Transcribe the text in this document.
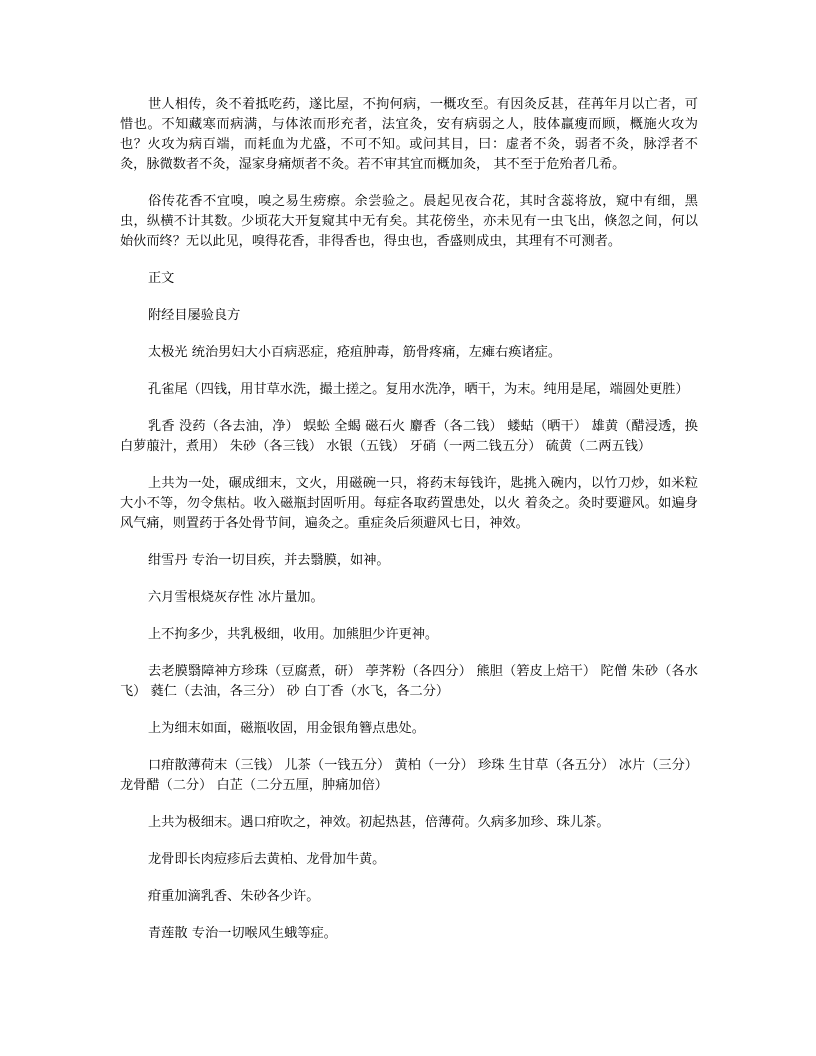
世人相传，灸不着抵吃药，遂比屋，不拘何病，一概攻至。有因灸反甚，荏苒年月以亡者，可惜也。不知藏寒而病满，与体浓而形充者，法宜灸，安有病弱之人，肢体羸瘦而顾，概施火攻为也？火攻为病百端，而耗血为尤盛，不可不知。或问其目，曰：虚者不灸，弱者不灸，脉浮者不灸，脉微数者不灸，湿家身痛烦者不灸。若不审其宜而概加灸， 其不至于危殆者几希。

俗传花香不宜嗅，嗅之易生痨瘵。余尝验之。晨起见夜合花，其时含蕊将放，窥中有细，黑虫，纵横不计其数。少顷花大开复窥其中无有矣。其花傍坐，亦未见有一虫飞出，倏忽之间，何以始伙而终？无以此见，嗅得花香，非得香也，得虫也，香盛则成虫，其理有不可测者。

正文

附经目屡验良方

太极光 统治男妇大小百病恶症，疮疽肿毒，筋骨疼痛，左瘫右痪诸症。

孔雀尾（四钱，用甘草水洗，撮土搓之。复用水洗净，晒干，为末。纯用是尾，端圆处更胜）

乳香 没药（各去油，净） 蜈蚣 全蝎 磁石火 麝香（各二钱） 蝼蛄（晒干） 雄黄（醋浸透，换白萝菔汁，煮用） 朱砂（各三钱） 水银（五钱） 牙硝（一两二钱五分） 硫黄（二两五钱）

上共为一处，碾成细末，文火，用磁碗一只，将药末每钱许，匙挑入碗内，以竹刀炒，如米粒大小不等，勿令焦枯。收入磁瓶封固听用。每症各取药置患处，以火 着灸之。灸时要避风。如遍身风气痛，则置药于各处骨节间，遍灸之。重症灸后须避风七日，神效。

绀雪丹 专治一切目疾，并去翳膜，如神。

六月雪根烧灰存性 冰片量加。

上不拘多少，共乳极细，收用。加熊胆少许更神。

去老膜翳障神方珍珠（豆腐煮，研） 荸荠粉（各四分） 熊胆（箬皮上焙干） 陀僧 朱砂（各水飞） 蕤仁（去油，各三分） 砂 白丁香（水飞，各二分）

上为细末如面，磁瓶收固，用金银角簪点患处。

口疳散薄荷末（三钱） 儿茶（一钱五分） 黄柏（一分） 珍珠 生甘草（各五分） 冰片（三分） 龙骨醋（二分） 白芷（二分五厘，肿痛加倍）

上共为极细末。遇口疳吹之，神效。初起热甚，倍薄荷。久病多加珍、珠儿茶。

龙骨即长肉痘疹后去黄柏、龙骨加牛黄。

疳重加滴乳香、朱砂各少许。

青莲散 专治一切喉风生蛾等症。
